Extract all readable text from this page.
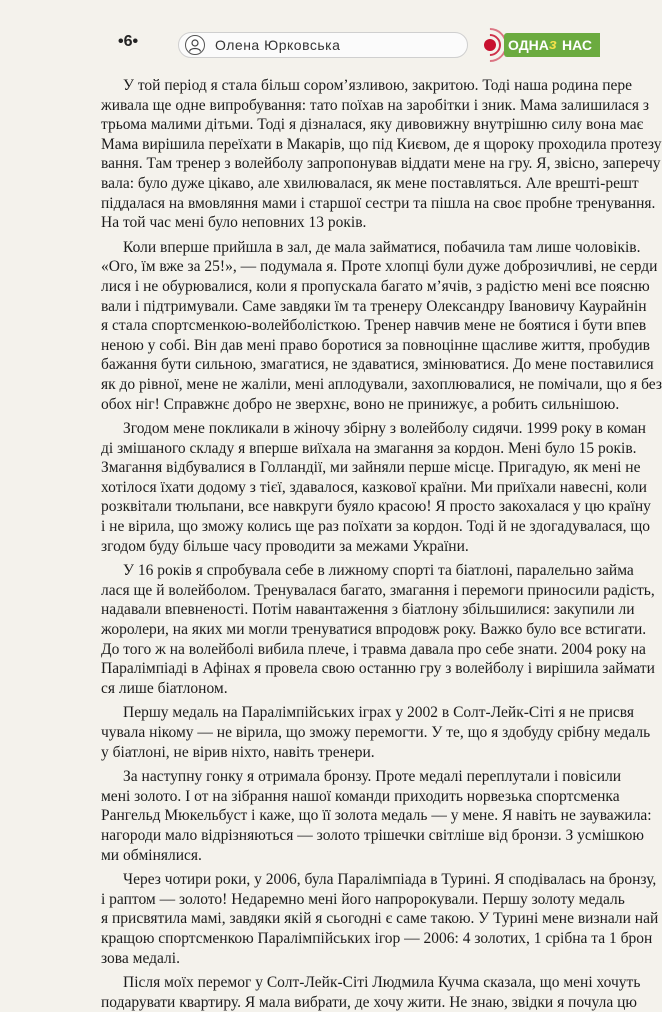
•6•	Олена Юрковська	ОДНА з НАС

У той період я стала більш сором’язливою, закритою. Тоді наша родина пере
живала ще одне випробування: тато поїхав на заробітки і зник. Мама залишилася з
трьома малими дітьми. Тоді я дізналася, яку дивовижну внутрішню силу вона має
Мама вирішила переїхати в Макарів, що під Києвом, де я щороку проходила протезу
вання. Там тренер з волейболу запропонував віддати мене на гру. Я, звісно, заперечу
вала: було дуже цікаво, але хвилювалася, як мене поставляться. Але врешті-решт
піддалася на вмовляння мами і старшої сестри та пішла на своє пробне тренування.
На той час мені було неповних 13 років.

Коли вперше прийшла в зал, де мала займатися, побачила там лише чоловіків.
«Ого, їм вже за 25!», — подумала я. Проте хлопці були дуже доброзичливі, не серди
лися і не обурювалися, коли я пропускала багато м’ячів, з радістю мені все поясню
вали і підтримували. Саме завдяки їм та тренеру Олександру Івановичу Каурайнін
я стала спортсменкою-волейболісткою. Тренер навчив мене не боятися і бути впев
неною у собі. Він дав мені право боротися за повноцінне щасливе життя, пробудив
бажання бути сильною, змагатися, не здаватися, змінюватися. До мене поставилися
як до рівної, мене не жаліли, мені аплодували, захоплювалися, не помічали, що я без
обох ніг! Справжнє добро не зверхнє, воно не принижує, а робить сильнішою.

Згодом мене покликали в жіночу збірну з волейболу сидячи. 1999 року в коман
ді змішаного складу я вперше виїхала на змагання за кордон. Мені було 15 років.
Змагання відбувалися в Голландії, ми зайняли перше місце. Пригадую, як мені не
хотілося їхати додому з тієї, здавалося, казкової країни. Ми приїхали навесні, коли
розквітали тюльпани, все навкруги буяло красою! Я просто закохалася у цю країну
і не вірила, що зможу колись ще раз поїхати за кордон. Тоді й не здогадувалася, що
згодом буду більше часу проводити за межами України.

У 16 років я спробувала себе в лижному спорті та біатлоні, паралельно займа
лася ще й волейболом. Тренувалася багато, змагання і перемоги приносили радість,
надавали впевненості. Потім навантаження з біатлону збільшилися: закупили ли
жоролери, на яких ми могли тренуватися впродовж року. Важко було все встигати.
До того ж на волейболі вибила плече, і травма давала про себе знати. 2004 року на
Паралімпіаді в Афінах я провела свою останню гру з волейболу і вирішила займати
ся лише біатлоном.

Першу медаль на Паралімпійських іграх у 2002 в Солт-Лейк-Сіті я не присвя
чувала нікому — не вірила, що зможу перемогти. У те, що я здобуду срібну медаль
у біатлоні, не вірив ніхто, навіть тренери.

За наступну гонку я отримала бронзу. Проте медалі переплутали і повісили
мені золото. І от на зібрання нашої команди приходить норвезька спортсменка
Рангельд Мюкельбуст і каже, що її золота медаль — у мене. Я навіть не зауважила:
нагороди мало відрізняються — золото трішечки світліше від бронзи. З усмішкою
ми обмінялися.

Через чотири роки, у 2006, була Паралімпіада в Турині. Я сподівалась на бронзу,
і раптом — золото! Недаремно мені його напророкували. Першу золоту медаль
я присвятила мамі, завдяки якій я сьогодні є саме такою. У Турині мене визнали най
кращою спортсменкою Паралімпійських ігор — 2006: 4 золотих, 1 срібна та 1 брон
зова медалі.

Після моїх перемог у Солт-Лейк-Сіті Людмила Кучма сказала, що мені хочуть
подарувати квартиру. Я мала вибрати, де хочу жити. Не знаю, звідки я почула цю
